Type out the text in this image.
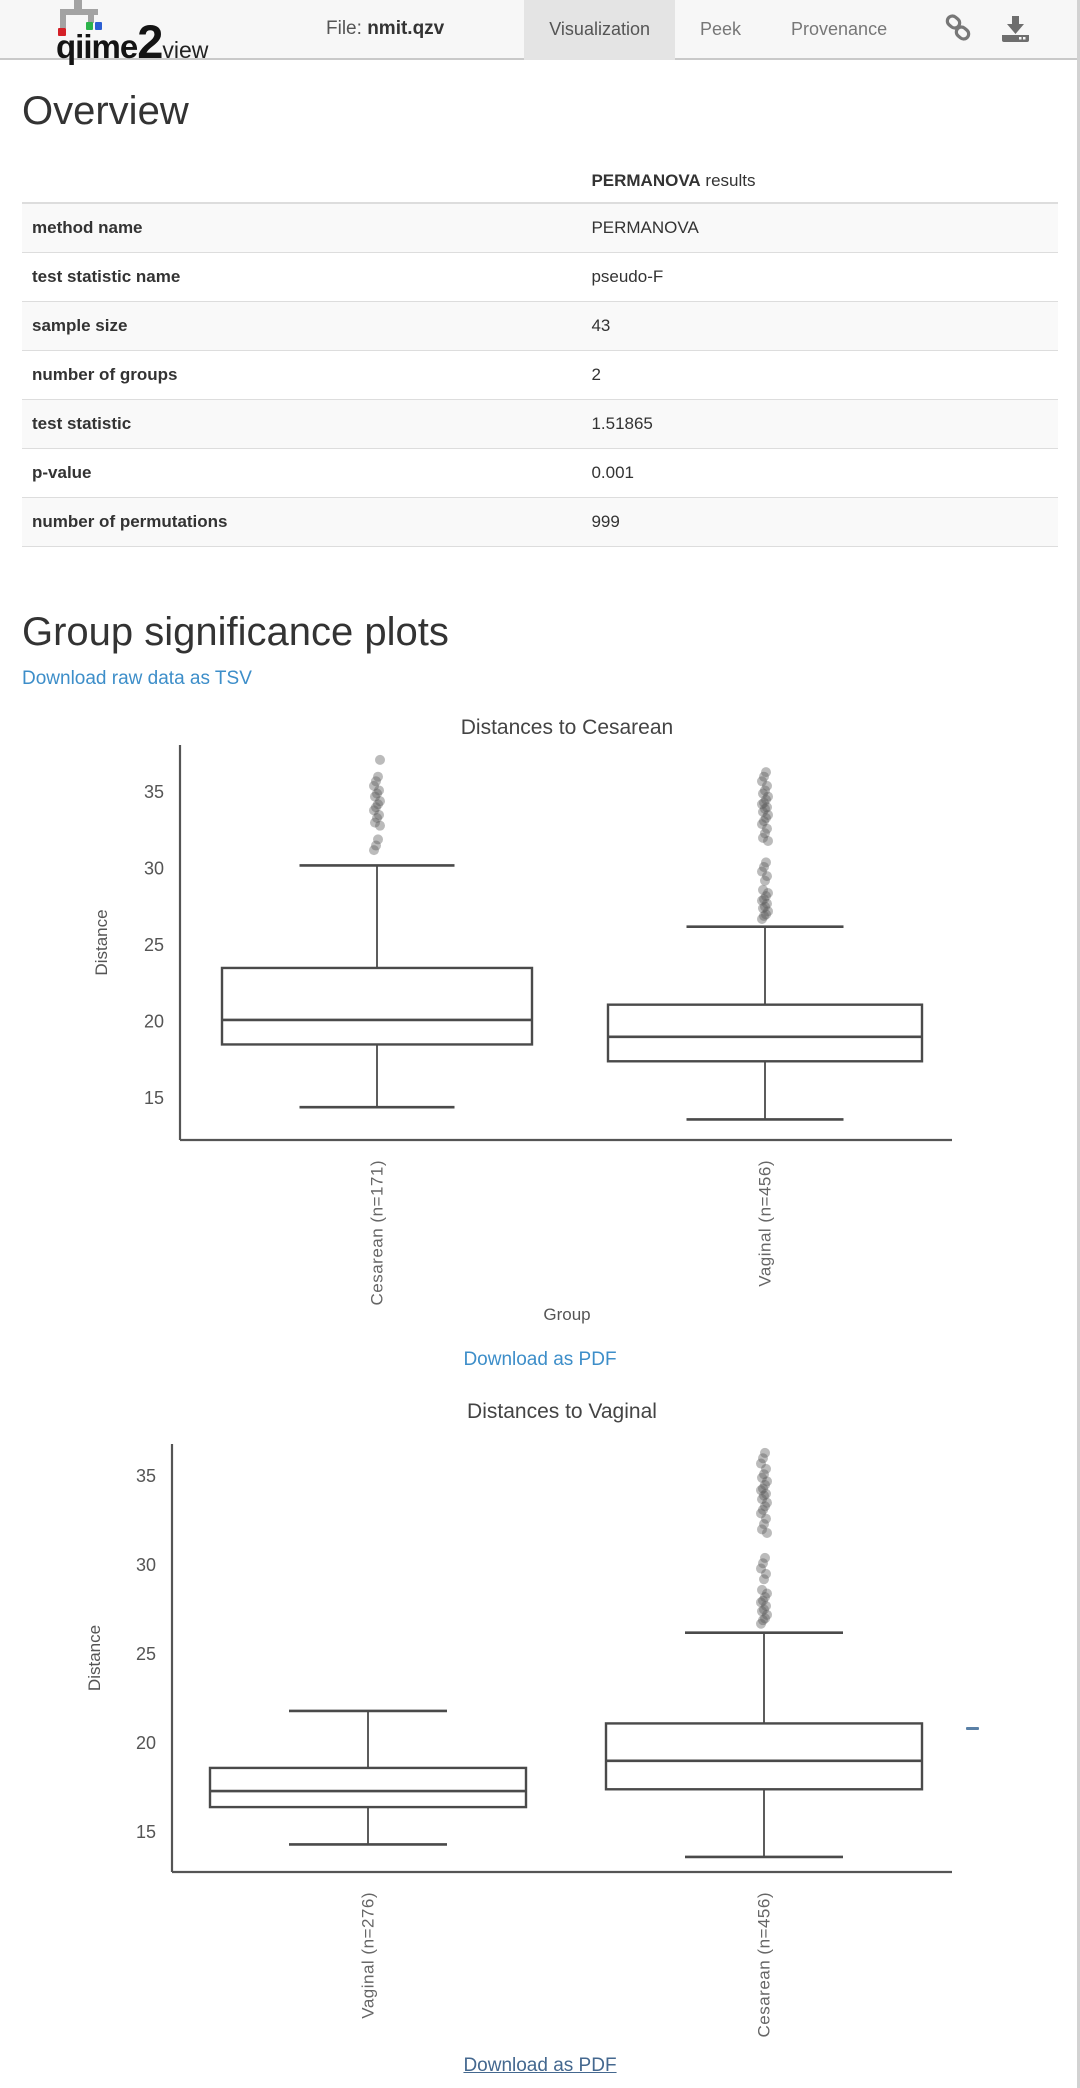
qiime2view
File: nmit.qzv	Visualization	Peek	Provenance
Overview
	PERMANOVA results
method name	PERMANOVA
test statistic name	pseudo-F
sample size	43
number of groups	2
test statistic	1.51865
p-value	0.001
number of permutations	999
Group significance plots
Download raw data as TSV
Distances to Cesarean
15
20
25
30
35
Distance
Group
Cesarean (n=171)	Vaginal (n=456)
Download as PDF
Distances to Vaginal
15
20
25
30
35
Distance
Vaginal (n=276)	Cesarean (n=456)
Download as PDF
